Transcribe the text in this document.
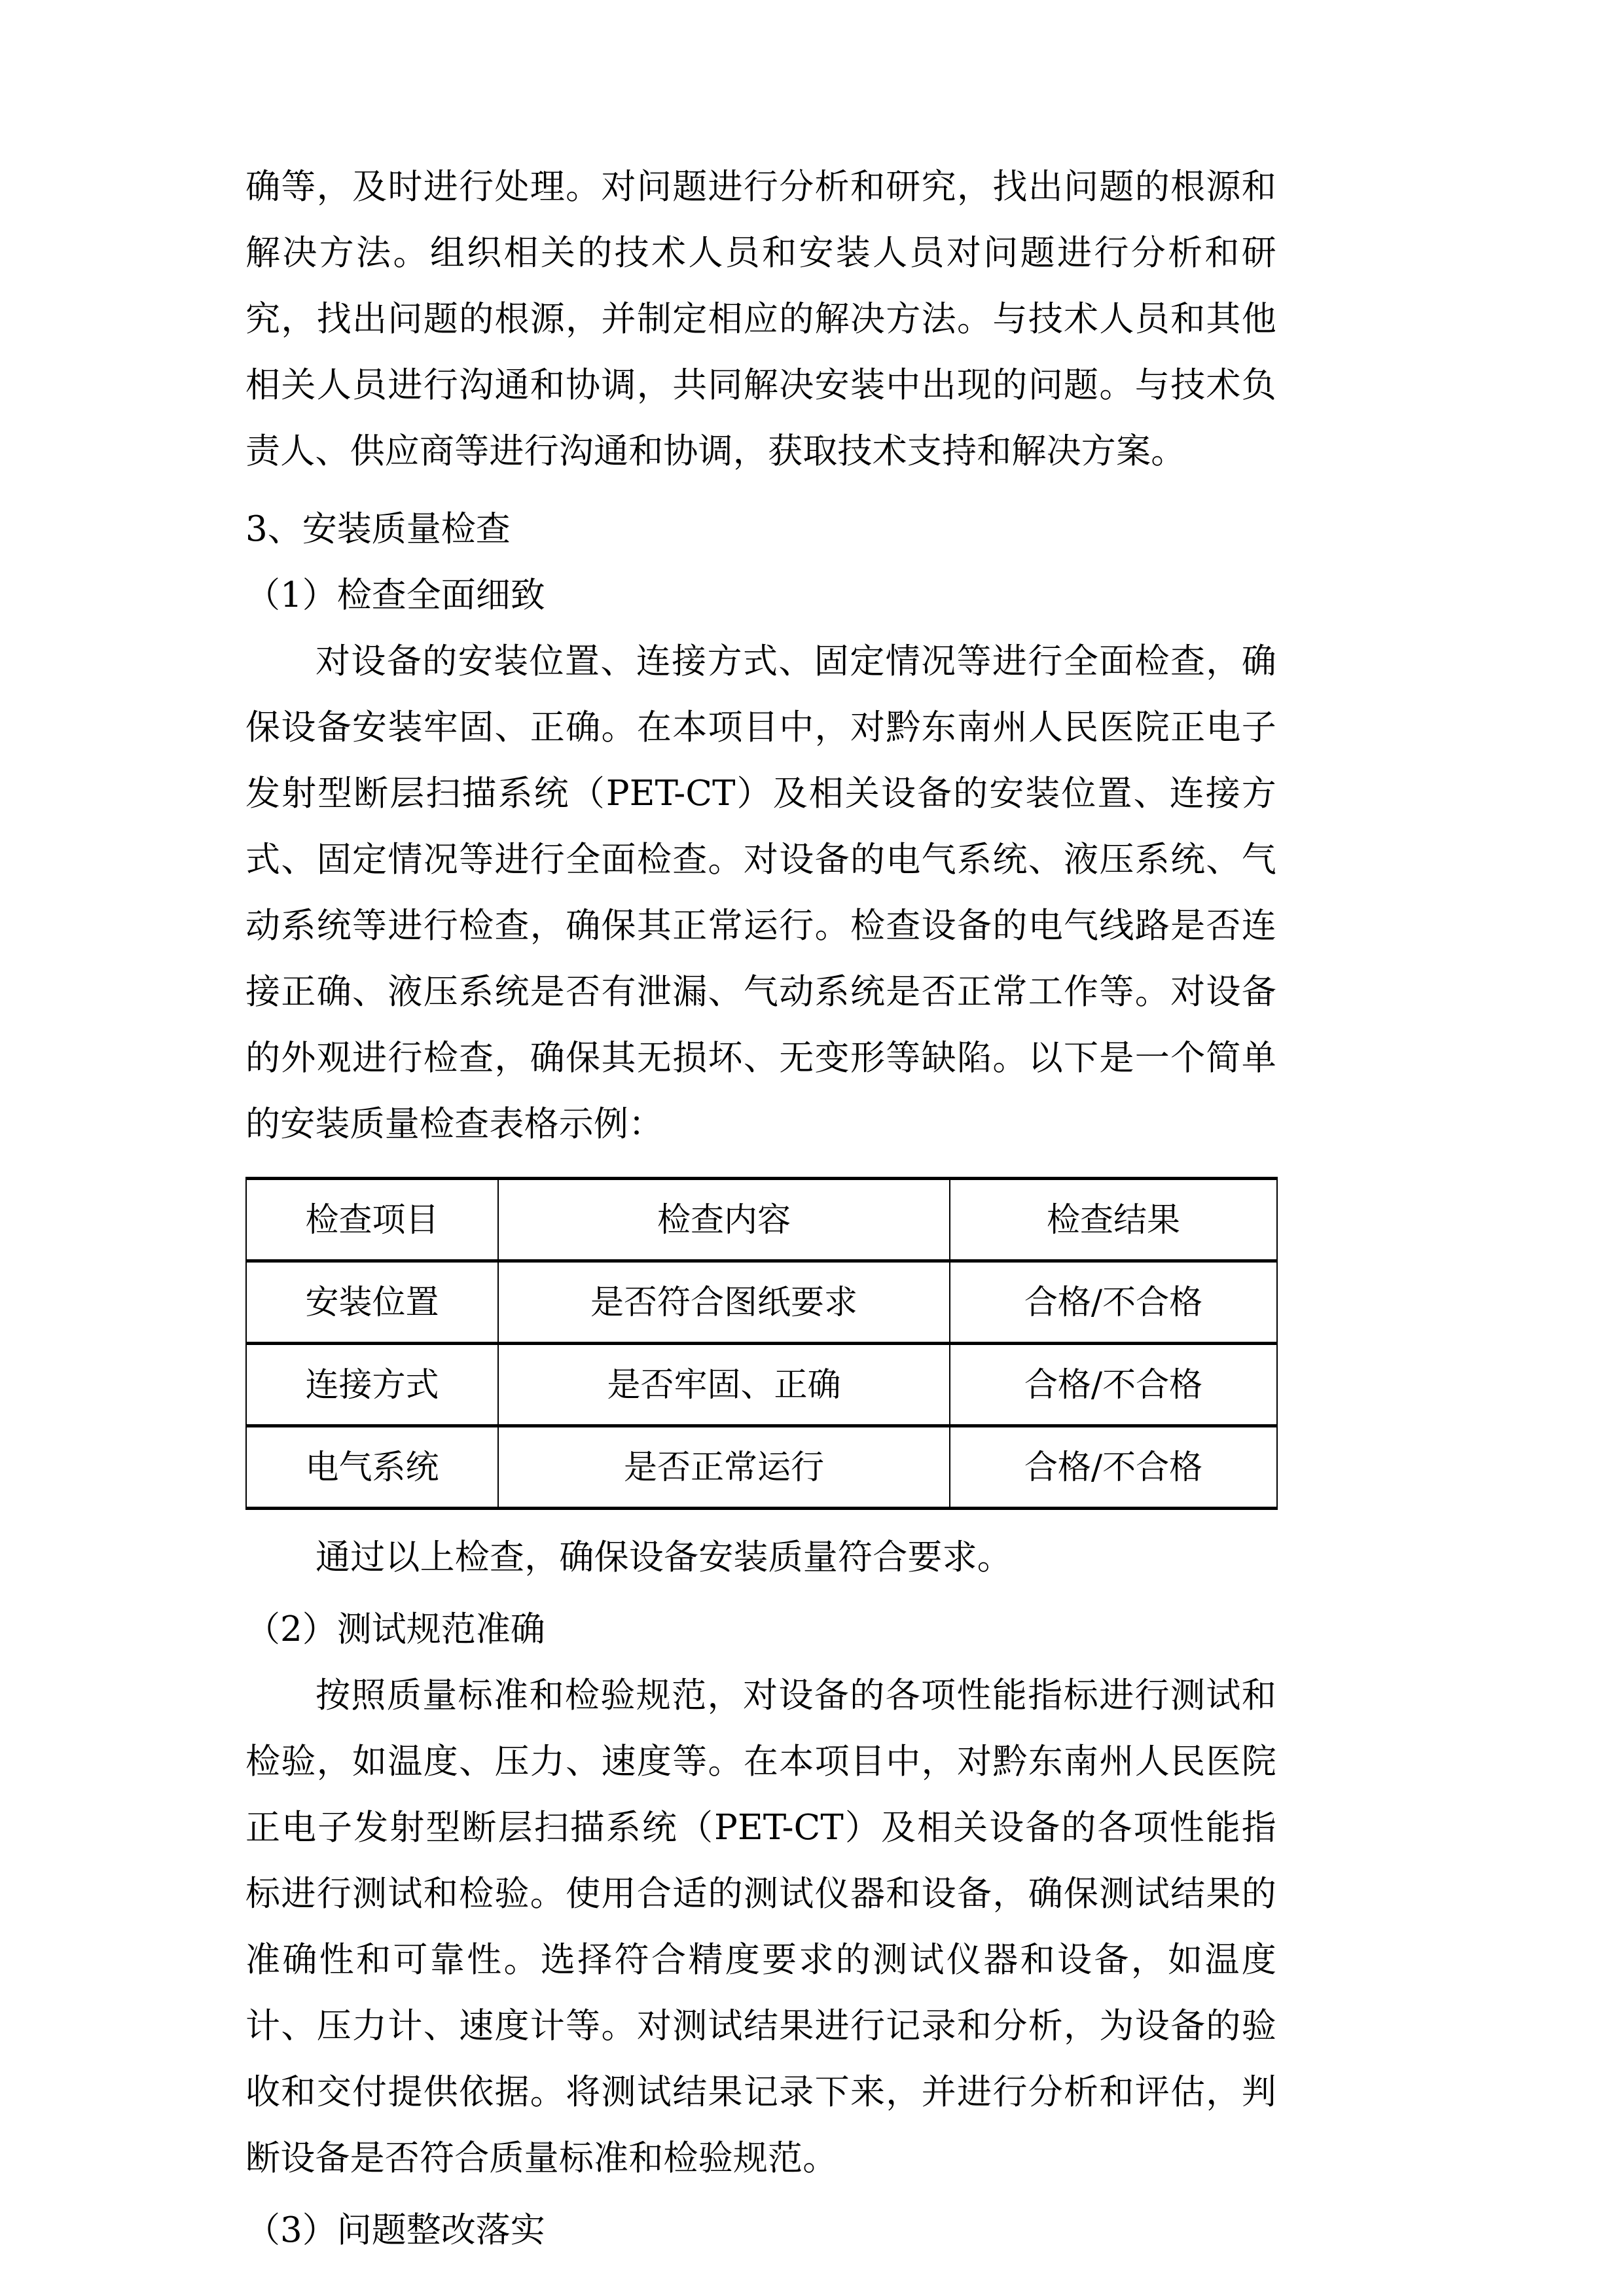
确等，及时进行处理。对问题进行分析和研究，找出问题的根源和解决方法。组织相关的技术人员和安装人员对问题进行分析和研究，找出问题的根源，并制定相应的解决方法。与技术人员和其他相关人员进行沟通和协调，共同解决安装中出现的问题。与技术负责人、供应商等进行沟通和协调，获取技术支持和解决方案。

3、安装质量检查

（1）检查全面细致

对设备的安装位置、连接方式、固定情况等进行全面检查，确保设备安装牢固、正确。在本项目中，对黔东南州人民医院正电子发射型断层扫描系统（PET-CT）及相关设备的安装位置、连接方式、固定情况等进行全面检查。对设备的电气系统、液压系统、气动系统等进行检查，确保其正常运行。检查设备的电气线路是否连接正确、液压系统是否有泄漏、气动系统是否正常工作等。对设备的外观进行检查，确保其无损坏、无变形等缺陷。以下是一个简单的安装质量检查表格示例：

检查项目	检查内容	检查结果
安装位置	是否符合图纸要求	合格/不合格
连接方式	是否牢固、正确	合格/不合格
电气系统	是否正常运行	合格/不合格

通过以上检查，确保设备安装质量符合要求。

（2）测试规范准确

按照质量标准和检验规范，对设备的各项性能指标进行测试和检验，如温度、压力、速度等。在本项目中，对黔东南州人民医院正电子发射型断层扫描系统（PET-CT）及相关设备的各项性能指标进行测试和检验。使用合适的测试仪器和设备，确保测试结果的准确性和可靠性。选择符合精度要求的测试仪器和设备，如温度计、压力计、速度计等。对测试结果进行记录和分析，为设备的验收和交付提供依据。将测试结果记录下来，并进行分析和评估，判断设备是否符合质量标准和检验规范。

（3）问题整改落实
